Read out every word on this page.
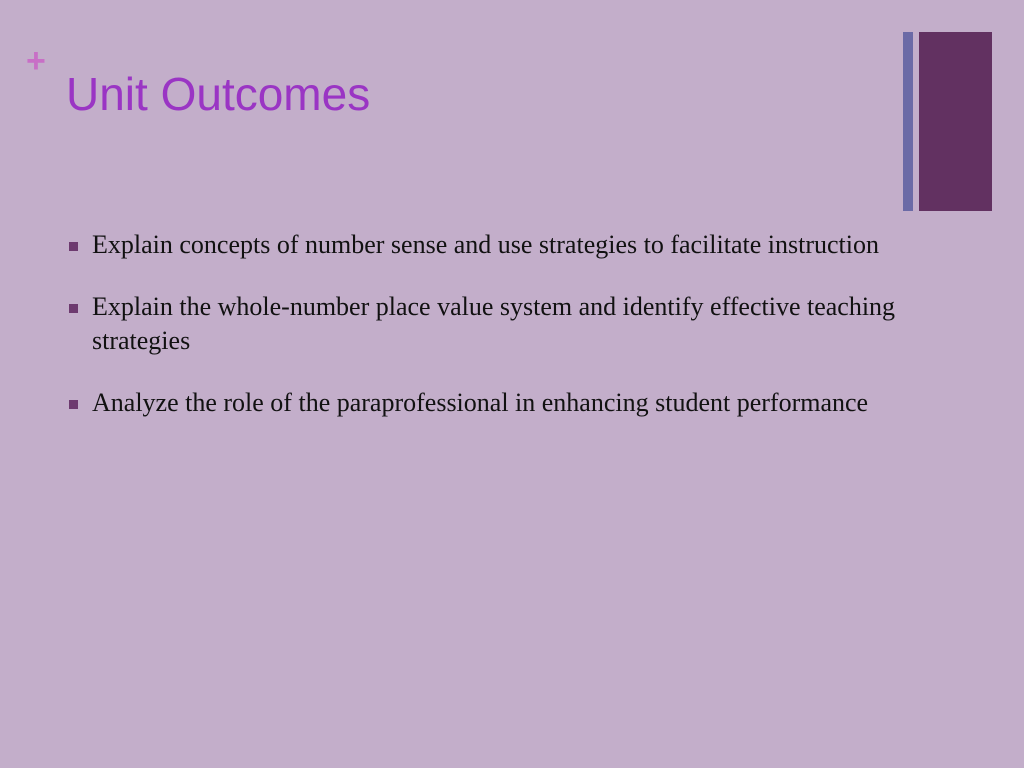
+
Unit Outcomes
Explain concepts of number sense and use strategies to facilitate instruction
Explain the whole-number place value system and identify effective teaching strategies
Analyze the role of the paraprofessional in enhancing student performance
